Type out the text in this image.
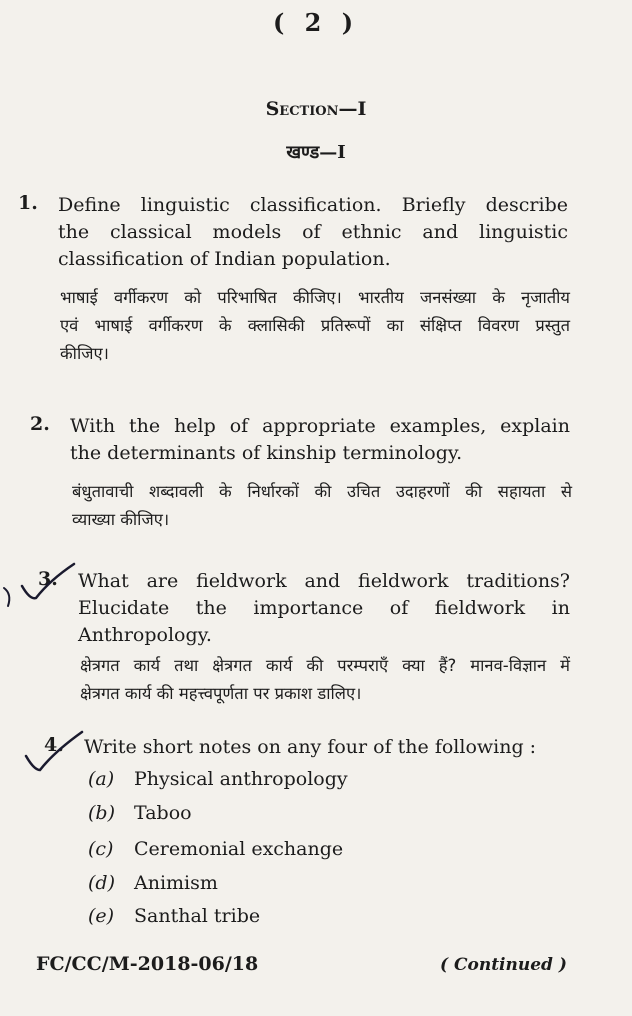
( 2 )
Section—I
खण्ड—I
1. Define linguistic classification. Briefly describe
the classical models of ethnic and linguistic
classification of Indian population.
भाषाई वर्गीकरण को परिभाषित कीजिए। भारतीय जनसंख्या के नृजातीय
एवं भाषाई वर्गीकरण के क्लासिकी प्रतिरूपों का संक्षिप्त विवरण प्रस्तुत
कीजिए।
2. With the help of appropriate examples, explain
the determinants of kinship terminology.
बंधुतावाची शब्दावली के निर्धारकों की उचित उदाहरणों की सहायता से
व्याख्या कीजिए।
3. What are fieldwork and fieldwork traditions?
Elucidate the importance of fieldwork in
Anthropology.
क्षेत्रगत कार्य तथा क्षेत्रगत कार्य की परम्पराएँ क्या हैं? मानव-विज्ञान में
क्षेत्रगत कार्य की महत्त्वपूर्णता पर प्रकाश डालिए।
4. Write short notes on any four of the following :
(a) Physical anthropology
(b) Taboo
(c) Ceremonial exchange
(d) Animism
(e) Santhal tribe
FC/CC/M-2018-06/18	( Continued )
